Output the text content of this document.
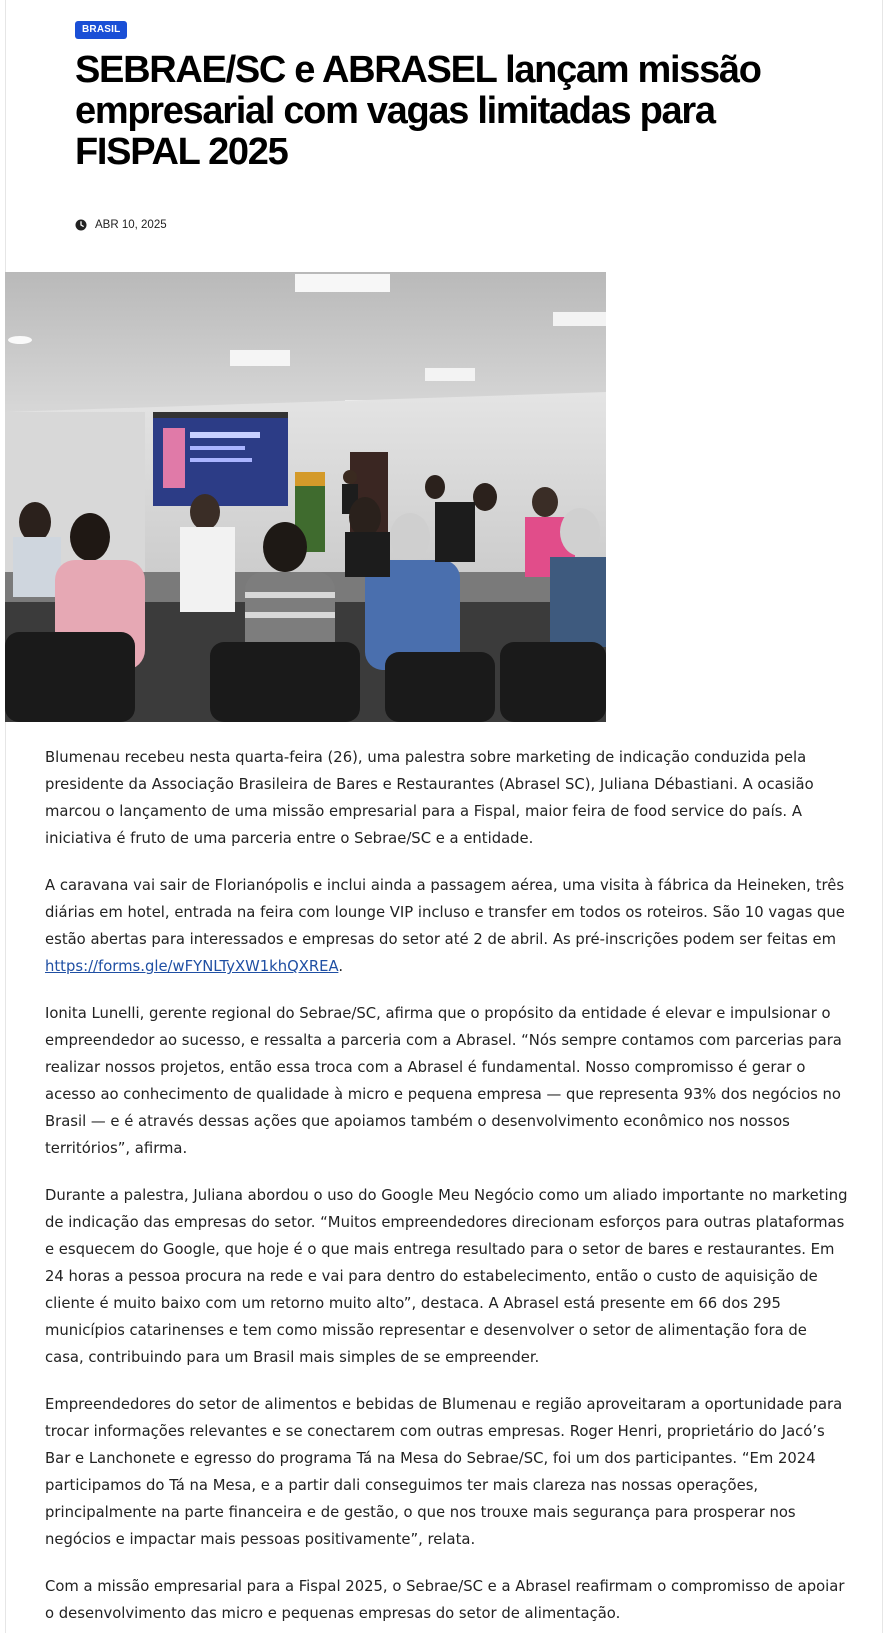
BRASIL
SEBRAE/SC e ABRASEL lançam missão empresarial com vagas limitadas para FISPAL 2025
ABR 10, 2025

Blumenau recebeu nesta quarta-feira (26), uma palestra sobre marketing de indicação conduzida pela presidente da Associação Brasileira de Bares e Restaurantes (Abrasel SC), Juliana Débastiani. A ocasião marcou o lançamento de uma missão empresarial para a Fispal, maior feira de food service do país. A iniciativa é fruto de uma parceria entre o Sebrae/SC e a entidade.

A caravana vai sair de Florianópolis e inclui ainda a passagem aérea, uma visita à fábrica da Heineken, três diárias em hotel, entrada na feira com lounge VIP incluso e transfer em todos os roteiros. São 10 vagas que estão abertas para interessados e empresas do setor até 2 de abril. As pré-inscrições podem ser feitas em https://forms.gle/wFYNLTyXW1khQXREA.

Ionita Lunelli, gerente regional do Sebrae/SC, afirma que o propósito da entidade é elevar e impulsionar o empreendedor ao sucesso, e ressalta a parceria com a Abrasel. “Nós sempre contamos com parcerias para realizar nossos projetos, então essa troca com a Abrasel é fundamental. Nosso compromisso é gerar o acesso ao conhecimento de qualidade à micro e pequena empresa — que representa 93% dos negócios no Brasil — e é através dessas ações que apoiamos também o desenvolvimento econômico nos nossos territórios”, afirma.

Durante a palestra, Juliana abordou o uso do Google Meu Negócio como um aliado importante no marketing de indicação das empresas do setor. “Muitos empreendedores direcionam esforços para outras plataformas e esquecem do Google, que hoje é o que mais entrega resultado para o setor de bares e restaurantes. Em 24 horas a pessoa procura na rede e vai para dentro do estabelecimento, então o custo de aquisição de cliente é muito baixo com um retorno muito alto”, destaca. A Abrasel está presente em 66 dos 295 municípios catarinenses e tem como missão representar e desenvolver o setor de alimentação fora de casa, contribuindo para um Brasil mais simples de se empreender.

Empreendedores do setor de alimentos e bebidas de Blumenau e região aproveitaram a oportunidade para trocar informações relevantes e se conectarem com outras empresas. Roger Henri, proprietário do Jacó’s Bar e Lanchonete e egresso do programa Tá na Mesa do Sebrae/SC, foi um dos participantes. “Em 2024 participamos do Tá na Mesa, e a partir dali conseguimos ter mais clareza nas nossas operações, principalmente na parte financeira e de gestão, o que nos trouxe mais segurança para prosperar nos negócios e impactar mais pessoas positivamente”, relata.

Com a missão empresarial para a Fispal 2025, o Sebrae/SC e a Abrasel reafirmam o compromisso de apoiar o desenvolvimento das micro e pequenas empresas do setor de alimentação.
